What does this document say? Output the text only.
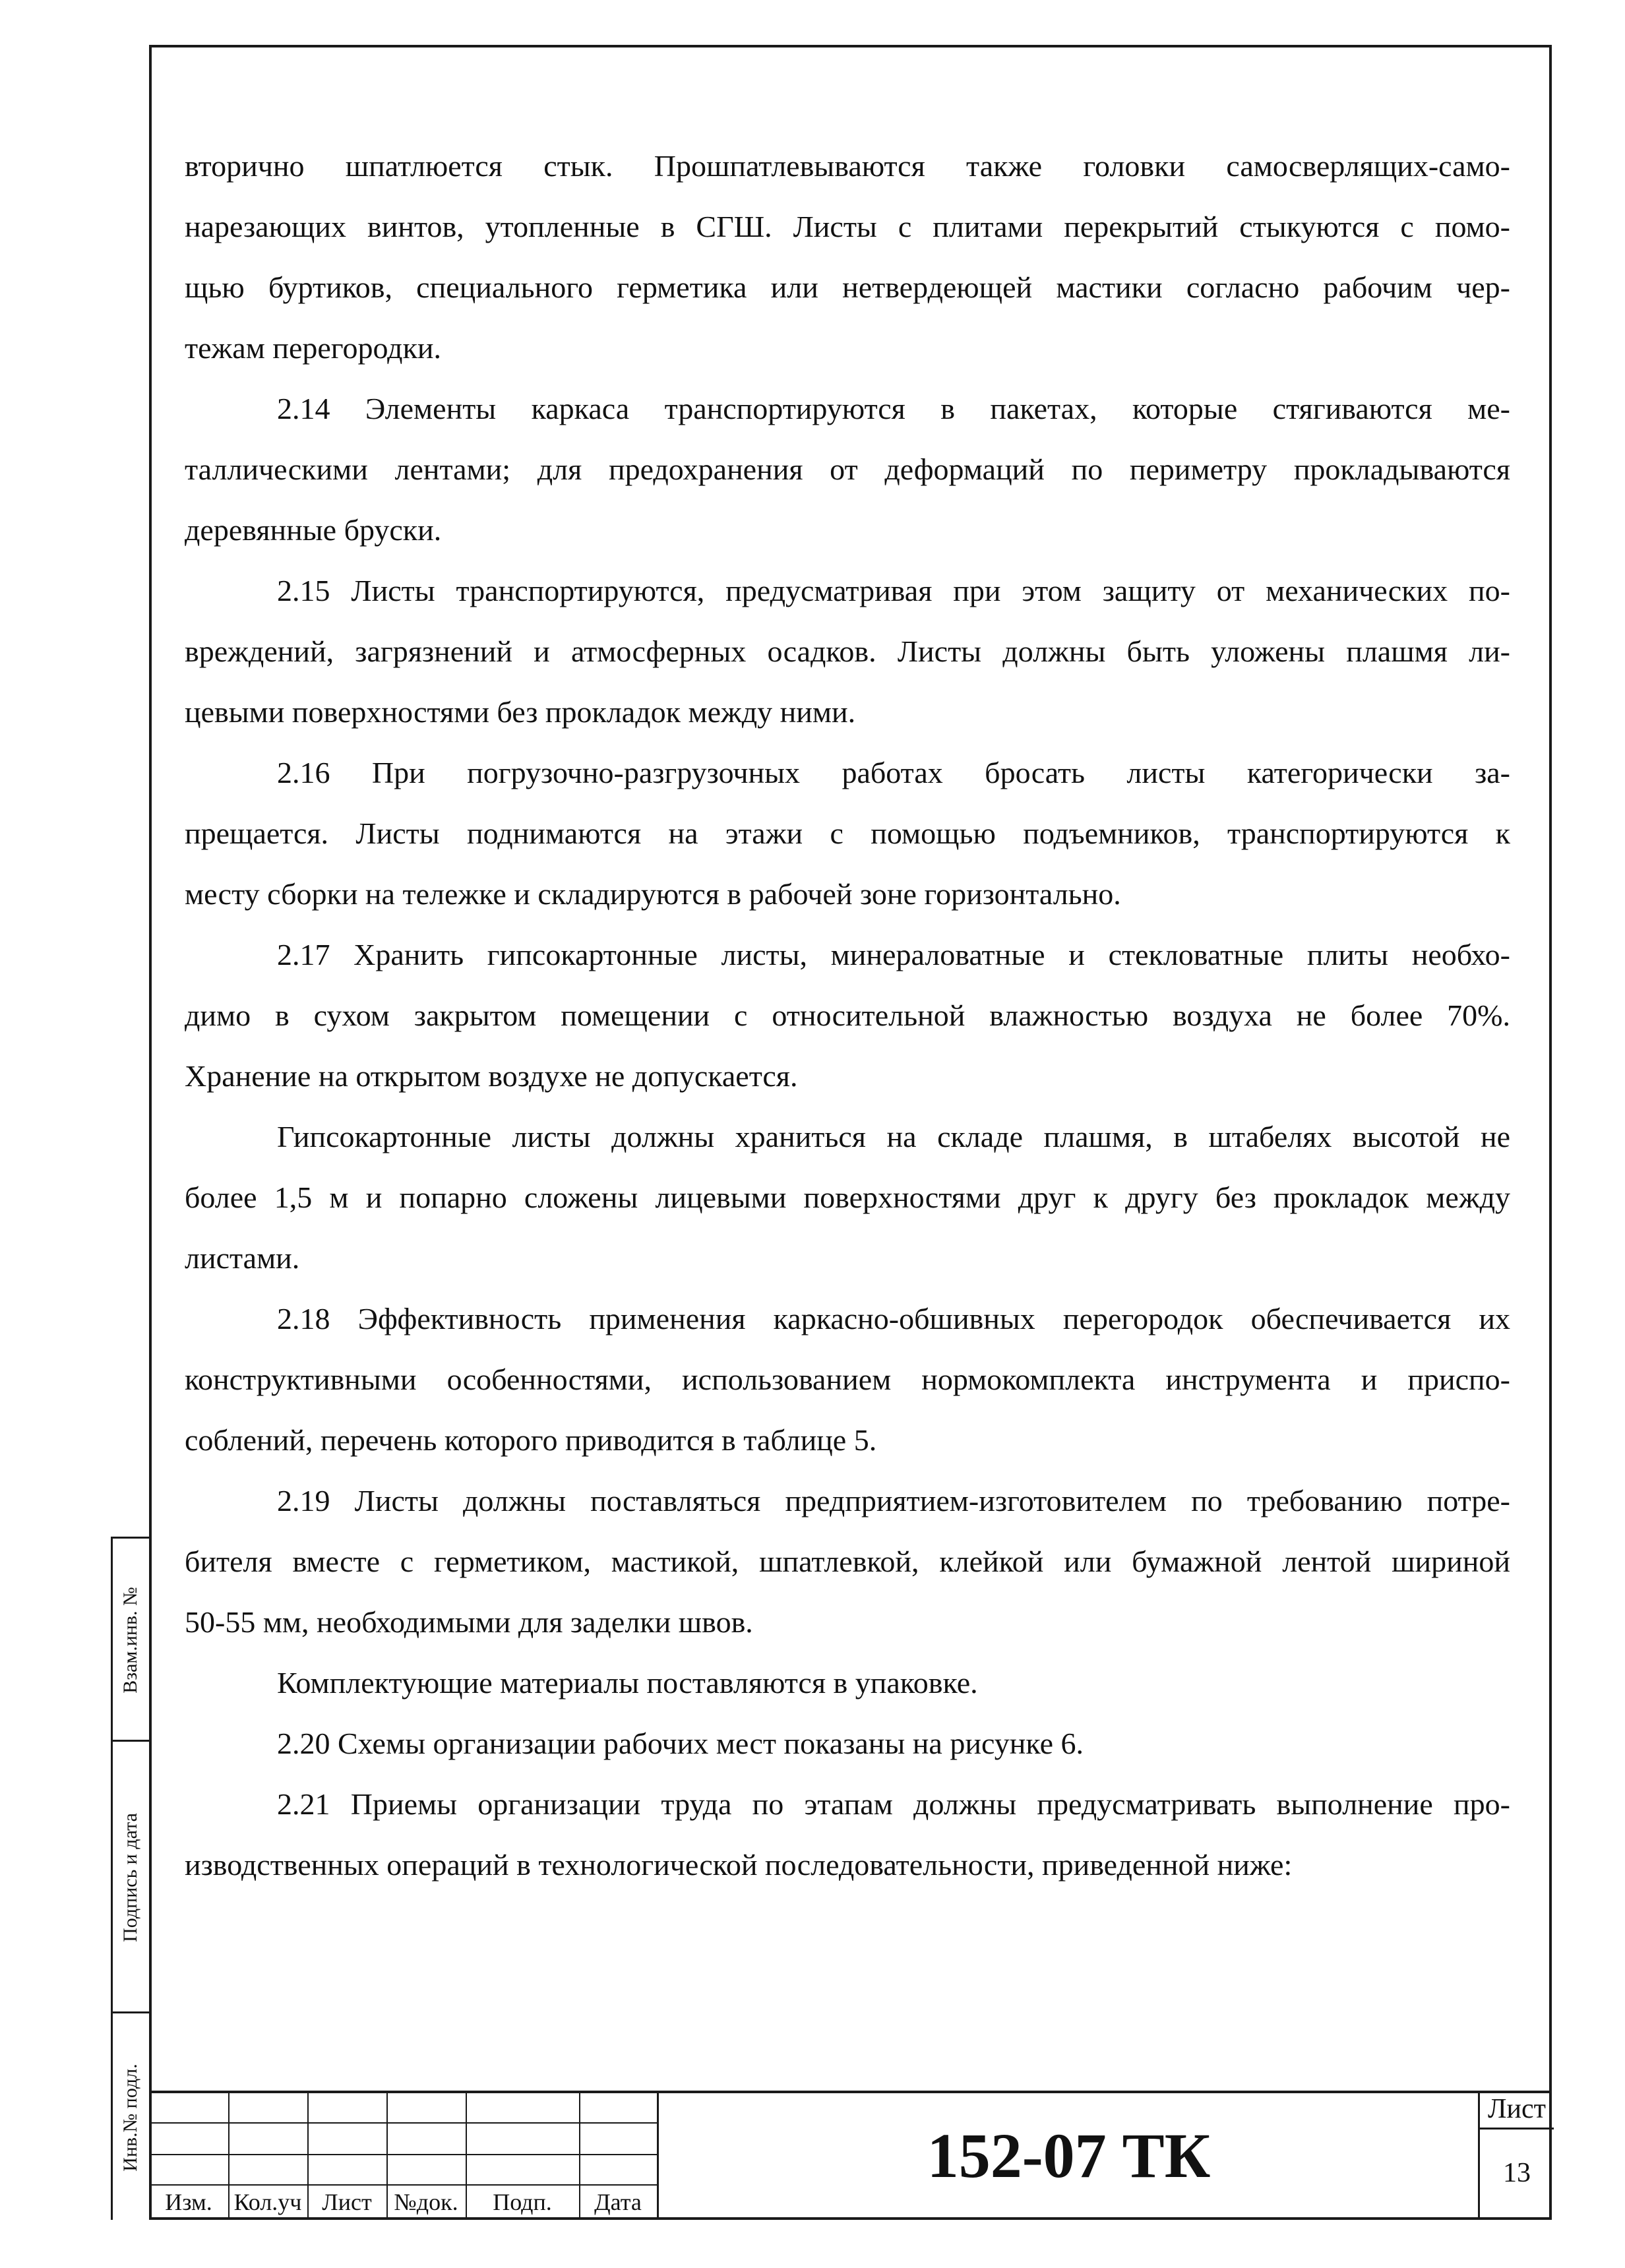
вторично шпатлюется стык. Прошпатлевываются также головки самосверлящих-само-
нарезающих винтов, утопленные в СГШ. Листы с плитами перекрытий стыкуются с помо-
щью буртиков, специального герметика или нетвердеющей мастики согласно рабочим чер-
тежам перегородки.
2.14 Элементы каркаса транспортируются в пакетах, которые стягиваются ме-
таллическими лентами; для предохранения от деформаций по периметру прокладываются
деревянные бруски.
2.15 Листы транспортируются, предусматривая при этом защиту от механических по-
вреждений, загрязнений и атмосферных осадков. Листы должны быть уложены плашмя ли-
цевыми поверхностями без прокладок между ними.
2.16 При погрузочно-разгрузочных работах бросать листы категорически за-
прещается. Листы поднимаются на этажи с помощью подъемников, транспортируются к
месту сборки на тележке и складируются в рабочей зоне горизонтально.
2.17 Хранить гипсокартонные листы, минераловатные и стекловатные плиты необхо-
димо в сухом закрытом помещении с относительной влажностью воздуха не более 70%.
Хранение на открытом воздухе не допускается.
Гипсокартонные листы должны храниться на складе плашмя, в штабелях высотой не
более 1,5 м и попарно сложены лицевыми поверхностями друг к другу без прокладок между
листами.
2.18 Эффективность применения каркасно-обшивных перегородок обеспечивается их
конструктивными особенностями, использованием нормокомплекта инструмента и приспо-
соблений, перечень которого приводится в таблице 5.
2.19 Листы должны поставляться предприятием-изготовителем по требованию потре-
бителя вместе с герметиком, мастикой, шпатлевкой, клейкой или бумажной лентой шириной
50-55 мм, необходимыми для заделки швов.
Комплектующие материалы поставляются в упаковке.
2.20 Схемы организации рабочих мест показаны на рисунке 6.
2.21 Приемы организации труда по этапам должны предусматривать выполнение про-
изводственных операций в технологической последовательности, приведенной ниже:
Взам.инв. №
Подпись и дата
Инв.№ подл.
Изм. Кол.уч Лист №док.	Подп.	Дата
152-07 ТК
Лист
13
